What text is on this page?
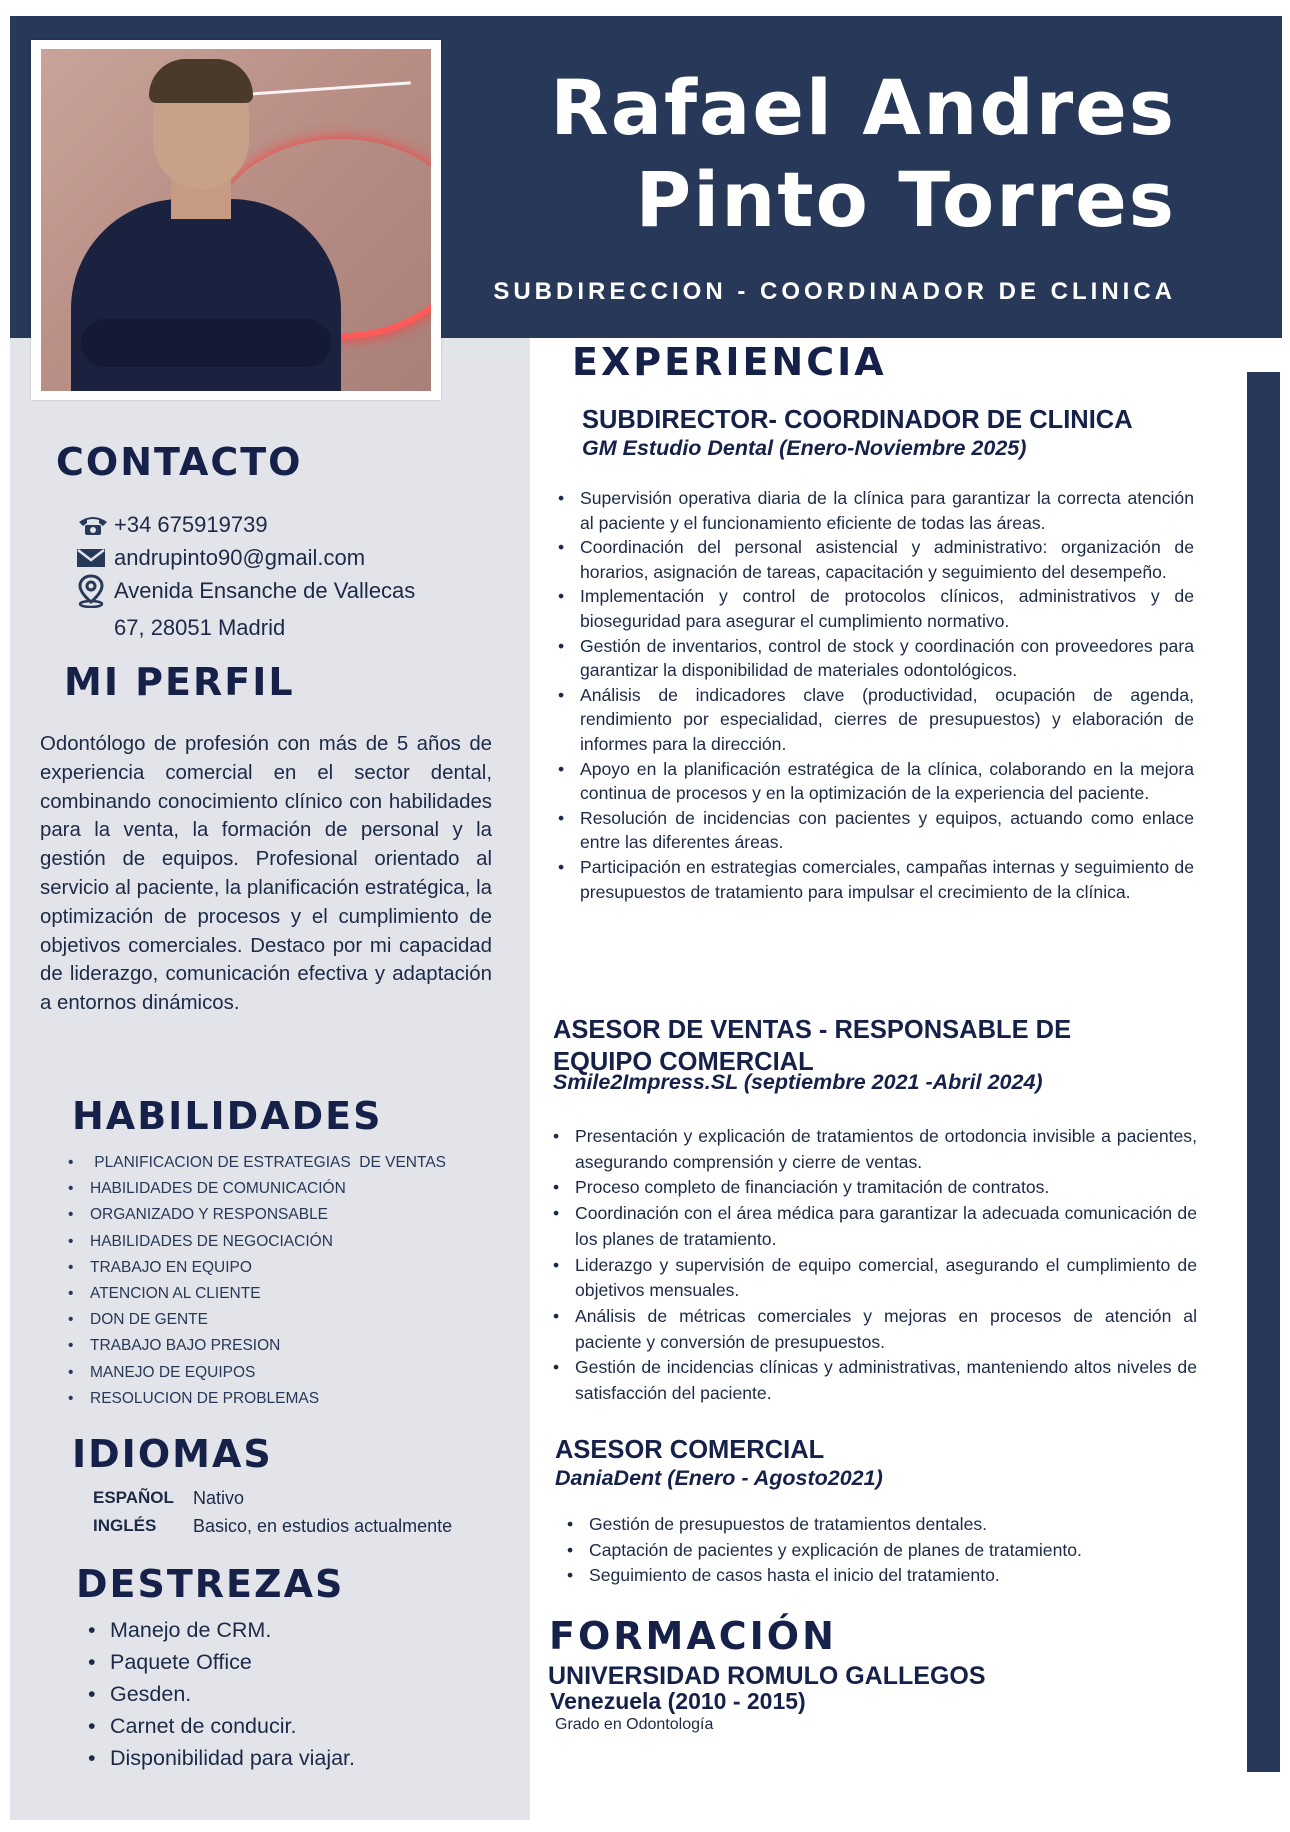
Rafael Andres
Pinto Torres
SUBDIRECCION - COORDINADOR DE CLINICA
CONTACTO
+34 675919739
andrupinto90@gmail.com
Avenida Ensanche de Vallecas
67, 28051 Madrid
MI PERFIL
Odontólogo de profesión con más de 5 años de experiencia comercial en el sector dental, combinando conocimiento clínico con habilidades para la venta, la formación de personal y la gestión de equipos. Profesional orientado al servicio al paciente, la planificación estratégica, la optimización de procesos y el cumplimiento de objetivos comerciales. Destaco por mi capacidad de liderazgo, comunicación efectiva y adaptación a entornos dinámicos.
HABILIDADES
•  PLANIFICACION DE ESTRATEGIAS  DE VENTAS
• HABILIDADES DE COMUNICACIÓN
• ORGANIZADO Y RESPONSABLE
• HABILIDADES DE NEGOCIACIÓN
• TRABAJO EN EQUIPO
• ATENCION AL CLIENTE
• DON DE GENTE
• TRABAJO BAJO PRESION
• MANEJO DE EQUIPOS
• RESOLUCION DE PROBLEMAS
IDIOMAS
ESPAÑOL	Nativo
INGLÉS	Basico, en estudios actualmente
DESTREZAS
• Manejo de CRM.
• Paquete Office
• Gesden.
• Carnet de conducir.
• Disponibilidad para viajar.
EXPERIENCIA
SUBDIRECTOR- COORDINADOR DE CLINICA
GM Estudio Dental (Enero-Noviembre 2025)
• Supervisión operativa diaria de la clínica para garantizar la correcta atención al paciente y el funcionamiento eficiente de todas las áreas.
• Coordinación del personal asistencial y administrativo: organización de horarios, asignación de tareas, capacitación y seguimiento del desempeño.
• Implementación y control de protocolos clínicos, administrativos y de bioseguridad para asegurar el cumplimiento normativo.
• Gestión de inventarios, control de stock y coordinación con proveedores para garantizar la disponibilidad de materiales odontológicos.
• Análisis de indicadores clave (productividad, ocupación de agenda, rendimiento por especialidad, cierres de presupuestos) y elaboración de informes para la dirección.
• Apoyo en la planificación estratégica de la clínica, colaborando en la mejora continua de procesos y en la optimización de la experiencia del paciente.
• Resolución de incidencias con pacientes y equipos, actuando como enlace entre las diferentes áreas.
• Participación en estrategias comerciales, campañas internas y seguimiento de presupuestos de tratamiento para impulsar el crecimiento de la clínica.
ASESOR DE VENTAS - RESPONSABLE DE
EQUIPO COMERCIAL
Smile2Impress.SL (septiembre 2021 -Abril 2024)
• Presentación y explicación de tratamientos de ortodoncia invisible a pacientes, asegurando comprensión y cierre de ventas.
• Proceso completo de financiación y tramitación de contratos.
• Coordinación con el área médica para garantizar la adecuada comunicación de los planes de tratamiento.
• Liderazgo y supervisión de equipo comercial, asegurando el cumplimiento de objetivos mensuales.
• Análisis de métricas comerciales y mejoras en procesos de atención al paciente y conversión de presupuestos.
• Gestión de incidencias clínicas y administrativas, manteniendo altos niveles de satisfacción del paciente.
ASESOR COMERCIAL
DaniaDent (Enero - Agosto2021)
• Gestión de presupuestos de tratamientos dentales.
• Captación de pacientes y explicación de planes de tratamiento.
• Seguimiento de casos hasta el inicio del tratamiento.
FORMACIÓN
UNIVERSIDAD ROMULO GALLEGOS
Venezuela (2010 - 2015)
Grado en Odontología
